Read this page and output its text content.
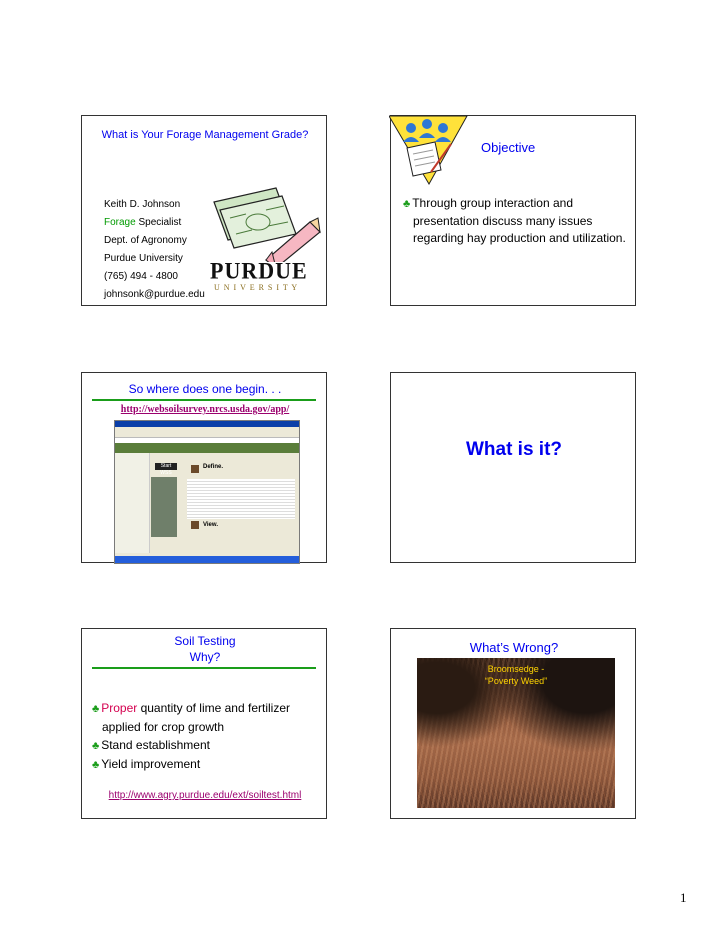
What is Your Forage Management Grade?
Keith D. Johnson
Forage Specialist
Dept. of Agronomy
Purdue University
(765) 494 - 4800
johnsonk@purdue.edu
PURDUE
U N I V E R S I T Y
Objective
♣ Through group interaction and presentation discuss many issues regarding hay production and utilization.
So where does one begin. . .
http://websoilsurvey.nrcs.usda.gov/app/
Start WSS
Define.
View.
What is it?
Soil Testing
Why?
♣ Proper quantity of lime and fertilizer applied for crop growth
♣ Stand establishment
♣ Yield improvement
http://www.agry.purdue.edu/ext/soiltest.html
What’s Wrong?
Broomsedge -
“Poverty Weed”
1
